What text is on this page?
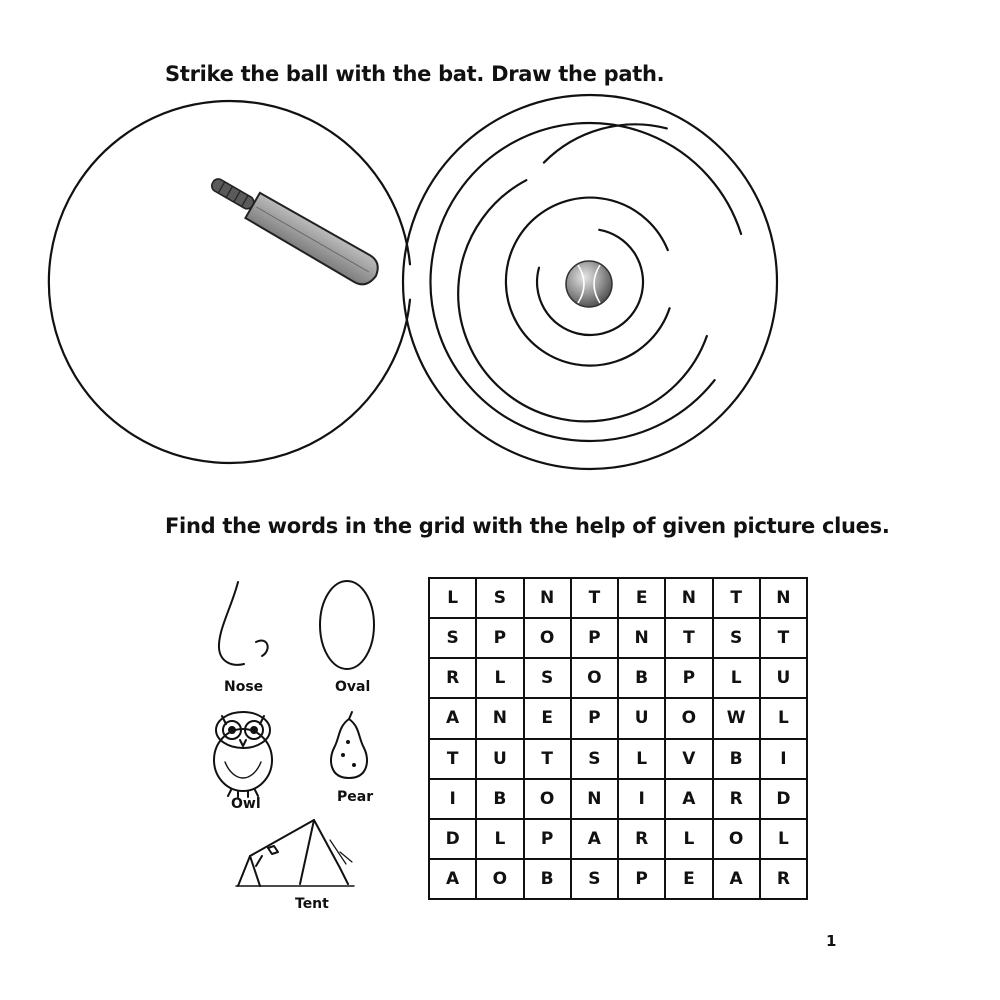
Strike the ball with the bat. Draw the path.

Nose	Oval
Owl	Pear
Tent

Find the words in the grid with the help of given picture clues.

L	S	N	T	E	N	T	N
S	P	O	P	N	T	S	T
R	L	S	O	B	P	L	U
A	N	E	P	U	O	W	L
T	U	T	S	L	V	B	I
I	B	O	N	I	A	R	D
D	L	P	A	R	L	O	L
A	O	B	S	P	E	A	R
1
